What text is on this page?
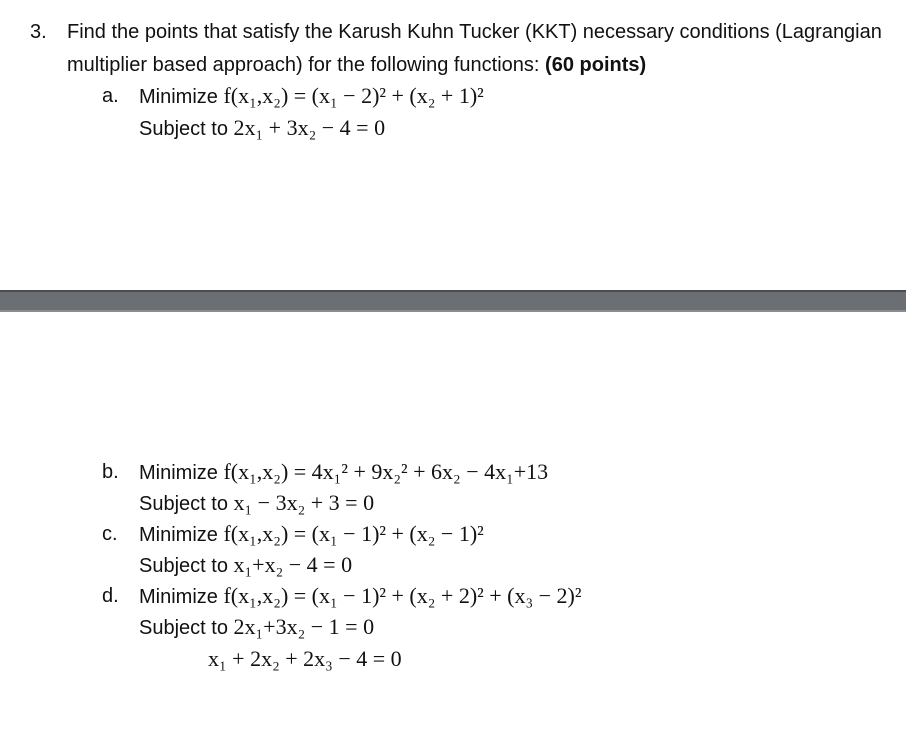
3. Find the points that satisfy the Karush Kuhn Tucker (KKT) necessary conditions (Lagrangian
multiplier based approach) for the following functions: (60 points)
a. Minimize f(x₁,x₂) = (x₁ − 2)² + (x₂ + 1)²
Subject to 2x₁ + 3x₂ − 4 = 0
b. Minimize f(x₁,x₂) = 4x₁² + 9x₂² + 6x₂ − 4x₁+13
Subject to x₁ − 3x₂ + 3 = 0
c. Minimize f(x₁,x₂) = (x₁ − 1)² + (x₂ − 1)²
Subject to x₁+x₂ − 4 = 0
d. Minimize f(x₁,x₂) = (x₁ − 1)² + (x₂ + 2)² + (x₃ − 2)²
Subject to 2x₁+3x₂ − 1 = 0
x₁ + 2x₂ + 2x₃ − 4 = 0
